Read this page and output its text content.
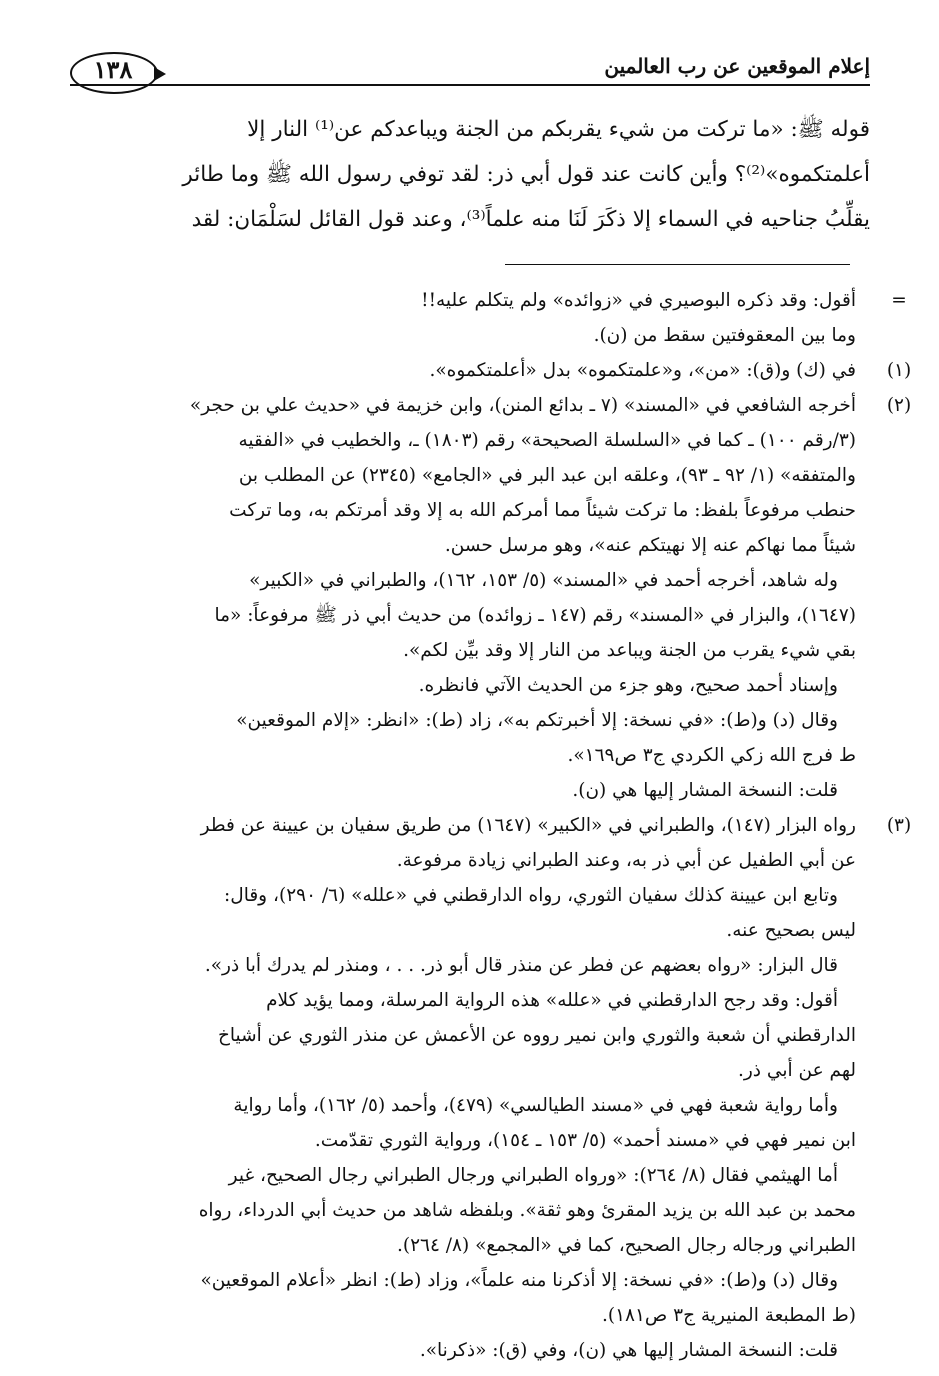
١٣٨	إعلام الموقعين عن رب العالمين
قوله ﷺ: «ما تركت من شيء يقربكم من الجنة ويباعدكم عن⁽¹⁾ النار إلا
أعلمتكموه»⁽²⁾؟ وأين كانت عند قول أبي ذر: لقد توفي رسول الله ﷺ وما طائر
يقلِّبُ جناحيه في السماء إلا ذكَرَ لَنَا منه علماً⁽³⁾، وعند قول القائل لسَلْمَان: لقد
=
أقول: وقد ذكره البوصيري في «زوائده» ولم يتكلم عليه!!
وما بين المعقوفتين سقط من (ن).
(١)
في (ك) و(ق): «من»، و«علمتكموه» بدل «أعلمتكموه».
(٢)
أخرجه الشافعي في «المسند» (٧ ـ بدائع المنن)، وابن خزيمة في «حديث علي بن حجر»
(٣/رقم ١٠٠) ـ كما في «السلسلة الصحيحة» رقم (١٨٠٣) ـ، والخطيب في «الفقيه
والمتفقه» (١/ ٩٢ ـ ٩٣)، وعلقه ابن عبد البر في «الجامع» (٢٣٤٥) عن المطلب بن
حنطب مرفوعاً بلفظ: ما تركت شيئاً مما أمركم الله به إلا وقد أمرتكم به، وما تركت
شيئاً مما نهاكم عنه إلا نهيتكم عنه»، وهو مرسل حسن.
وله شاهد، أخرجه أحمد في «المسند» (٥/ ١٥٣، ١٦٢)، والطبراني في «الكبير»
(١٦٤٧)، والبزار في «المسند» رقم (١٤٧ ـ زوائده) من حديث أبي ذر ﷺ مرفوعاً: «ما
بقي شيء يقرب من الجنة ويباعد من النار إلا وقد بيِّن لكم».
وإسناد أحمد صحيح، وهو جزء من الحديث الآتي فانظره.
وقال (د) و(ط): «في نسخة: إلا أخبرتكم به»، زاد (ط): «انظر: «إلام الموقعين»
ط فرج الله زكي الكردي ج٣ ص١٦٩».
قلت: النسخة المشار إليها هي (ن).
(٣)
رواه البزار (١٤٧)، والطبراني في «الكبير» (١٦٤٧) من طريق سفيان بن عيينة عن فطر
عن أبي الطفيل عن أبي ذر به، وعند الطبراني زيادة مرفوعة.
وتابع ابن عيينة كذلك سفيان الثوري، رواه الدارقطني في «علله» (٦/ ٢٩٠)، وقال:
ليس بصحيح عنه.
قال البزار: «رواه بعضهم عن فطر عن منذر قال أبو ذر. . . ، ومنذر لم يدرك أبا ذر».
أقول: وقد رجح الدارقطني في «علله» هذه الرواية المرسلة، ومما يؤيد كلام
الدارقطني أن شعبة والثوري وابن نمير رووه عن الأعمش عن منذر الثوري عن أشياخ
لهم عن أبي ذر.
وأما رواية شعبة فهي في «مسند الطيالسي» (٤٧٩)، وأحمد (٥/ ١٦٢)، وأما رواية
ابن نمير فهي في «مسند أحمد» (٥/ ١٥٣ ـ ١٥٤)، ورواية الثوري تقدّمت.
أما الهيثمي فقال (٨/ ٢٦٤): «ورواه الطبراني ورجال الطبراني رجال الصحيح، غير
محمد بن عبد الله بن يزيد المقرئ وهو ثقة». وبلفظه شاهد من حديث أبي الدرداء، رواه
الطبراني ورجاله رجال الصحيح، كما في «المجمع» (٨/ ٢٦٤).
وقال (د) و(ط): «في نسخة: إلا أذكرنا منه علماً»، وزاد (ط): انظر «أعلام الموقعين»
(ط المطبعة المنيرية ج٣ ص١٨١).
قلت: النسخة المشار إليها هي (ن)، وفي (ق): «ذكرنا».
